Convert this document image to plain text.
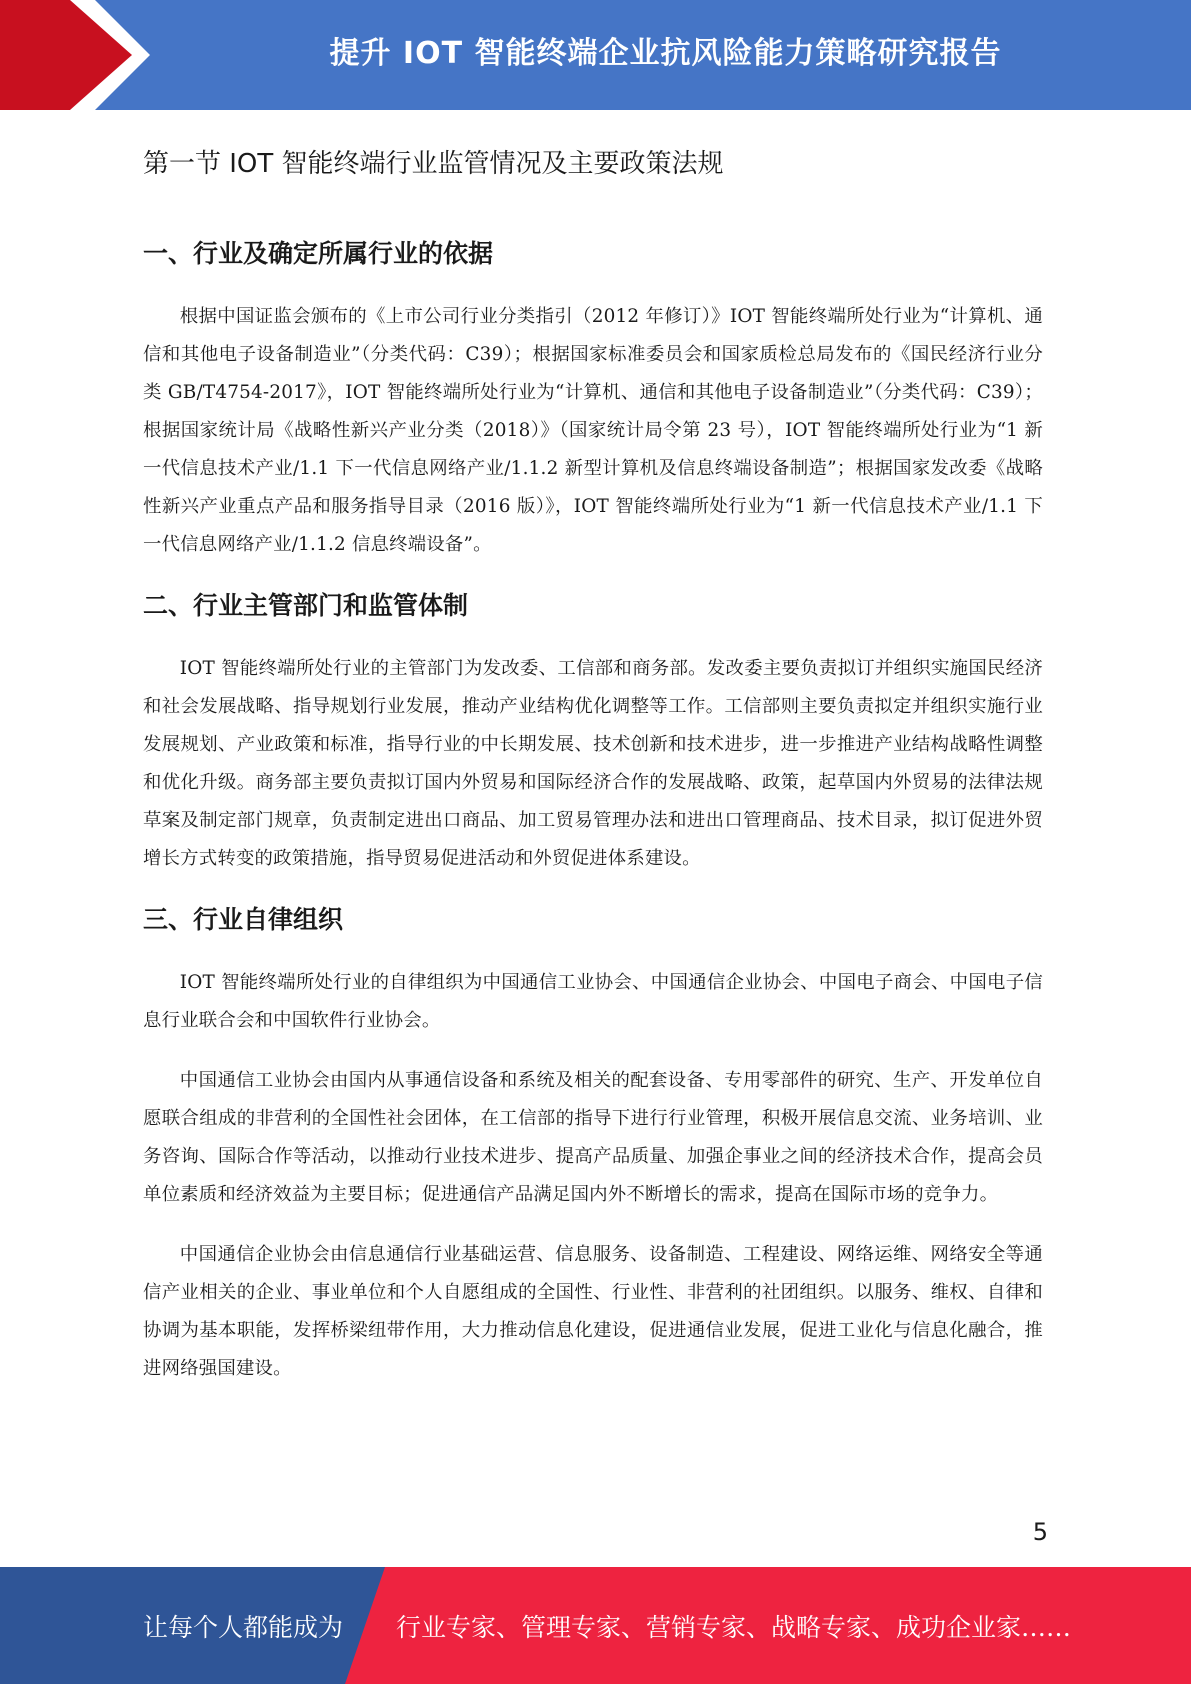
提升 IOT 智能终端企业抗风险能力策略研究报告
第一节 IOT 智能终端行业监管情况及主要政策法规
一、行业及确定所属行业的依据

根据中国证监会颁布的《上市公司行业分类指引（2012 年修订）》IOT 智能终端所处行业为“计算机、通信和其他电子设备制造业”（分类代码：C39）；根据国家标准委员会和国家质检总局发布的《国民经济行业分类 GB/T4754-2017》，IOT 智能终端所处行业为“计算机、通信和其他电子设备制造业”（分类代码：C39）；根据国家统计局《战略性新兴产业分类（2018）》（国家统计局令第 23 号），IOT 智能终端所处行业为“1 新一代信息技术产业/1.1 下一代信息网络产业/1.1.2 新型计算机及信息终端设备制造”；根据国家发改委《战略性新兴产业重点产品和服务指导目录（2016 版）》，IOT 智能终端所处行业为“1 新一代信息技术产业/1.1 下一代信息网络产业/1.1.2 信息终端设备”。

二、行业主管部门和监管体制

IOT 智能终端所处行业的主管部门为发改委、工信部和商务部。发改委主要负责拟订并组织实施国民经济和社会发展战略、指导规划行业发展，推动产业结构优化调整等工作。工信部则主要负责拟定并组织实施行业发展规划、产业政策和标准，指导行业的中长期发展、技术创新和技术进步，进一步推进产业结构战略性调整和优化升级。商务部主要负责拟订国内外贸易和国际经济合作的发展战略、政策，起草国内外贸易的法律法规草案及制定部门规章，负责制定进出口商品、加工贸易管理办法和进出口管理商品、技术目录，拟订促进外贸增长方式转变的政策措施，指导贸易促进活动和外贸促进体系建设。

三、行业自律组织

IOT 智能终端所处行业的自律组织为中国通信工业协会、中国通信企业协会、中国电子商会、中国电子信息行业联合会和中国软件行业协会。

中国通信工业协会由国内从事通信设备和系统及相关的配套设备、专用零部件的研究、生产、开发单位自愿联合组成的非营利的全国性社会团体，在工信部的指导下进行行业管理，积极开展信息交流、业务培训、业务咨询、国际合作等活动，以推动行业技术进步、提高产品质量、加强企事业之间的经济技术合作，提高会员单位素质和经济效益为主要目标；促进通信产品满足国内外不断增长的需求，提高在国际市场的竞争力。

中国通信企业协会由信息通信行业基础运营、信息服务、设备制造、工程建设、网络运维、网络安全等通信产业相关的企业、事业单位和个人自愿组成的全国性、行业性、非营利的社团组织。以服务、维权、自律和协调为基本职能，发挥桥梁纽带作用，大力推动信息化建设，促进通信业发展，促进工业化与信息化融合，推进网络强国建设。

5
让每个人都能成为 行业专家、管理专家、营销专家、战略专家、成功企业家……
